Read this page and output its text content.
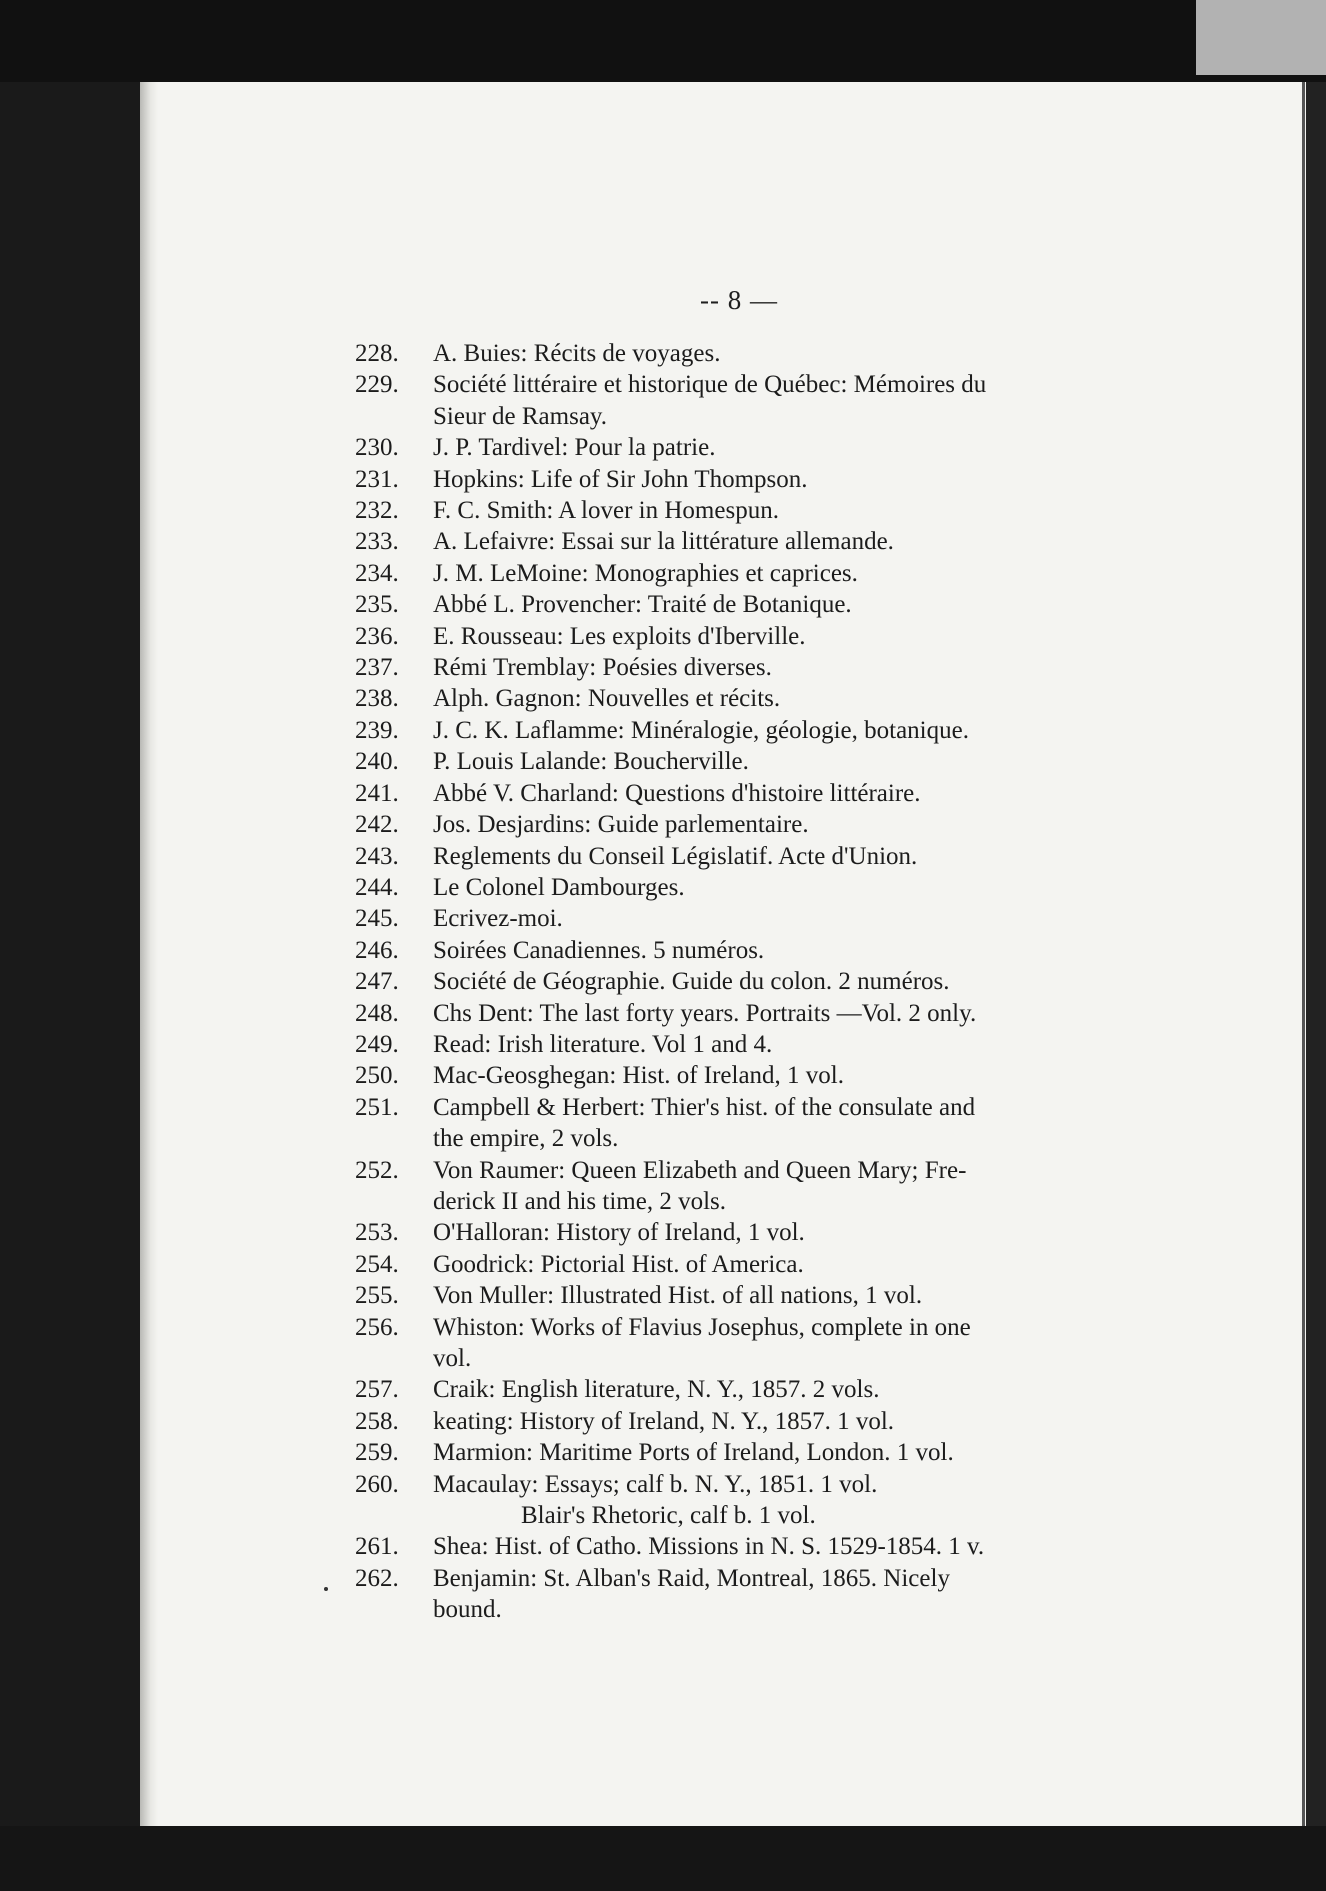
-- 8 —
228.	A. Buies: Récits de voyages.
229.	Société littéraire et historique de Québec: Mémoires du
Sieur de Ramsay.
230.	J. P. Tardivel: Pour la patrie.
231.	Hopkins: Life of Sir John Thompson.
232.	F. C. Smith: A lover in Homespun.
233.	A. Lefaivre: Essai sur la littérature allemande.
234.	J. M. LeMoine: Monographies et caprices.
235.	Abbé L. Provencher: Traité de Botanique.
236.	E. Rousseau: Les exploits d'Iberville.
237.	Rémi Tremblay: Poésies diverses.
238.	Alph. Gagnon: Nouvelles et récits.
239.	J. C. K. Laflamme: Minéralogie, géologie, botanique.
240.	P. Louis Lalande: Boucherville.
241.	Abbé V. Charland: Questions d'histoire littéraire.
242.	Jos. Desjardins: Guide parlementaire.
243.	Reglements du Conseil Législatif. Acte d'Union.
244.	Le Colonel Dambourges.
245.	Ecrivez-moi.
246.	Soirées Canadiennes. 5 numéros.
247.	Société de Géographie. Guide du colon. 2 numéros.
248.	Chs Dent: The last forty years. Portraits —Vol. 2 only.
249.	Read: Irish literature. Vol 1 and 4.
250.	Mac-Geosghegan: Hist. of Ireland, 1 vol.
251.	Campbell & Herbert: Thier's hist. of the consulate and
the empire, 2 vols.
252.	Von Raumer: Queen Elizabeth and Queen Mary; Fre-
derick II and his time, 2 vols.
253.	O'Halloran: History of Ireland, 1 vol.
254.	Goodrick: Pictorial Hist. of America.
255.	Von Muller: Illustrated Hist. of all nations, 1 vol.
256.	Whiston: Works of Flavius Josephus, complete in one
vol.
257.	Craik: English literature, N. Y., 1857. 2 vols.
258.	keating: History of Ireland, N. Y., 1857. 1 vol.
259.	Marmion: Maritime Ports of Ireland, London. 1 vol.
260.	Macaulay: Essays; calf b. N. Y., 1851. 1 vol.
Blair's Rhetoric, calf b. 1 vol.
261.	Shea: Hist. of Catho. Missions in N. S. 1529-1854. 1 v.
262.	Benjamin: St. Alban's Raid, Montreal, 1865. Nicely
bound.
